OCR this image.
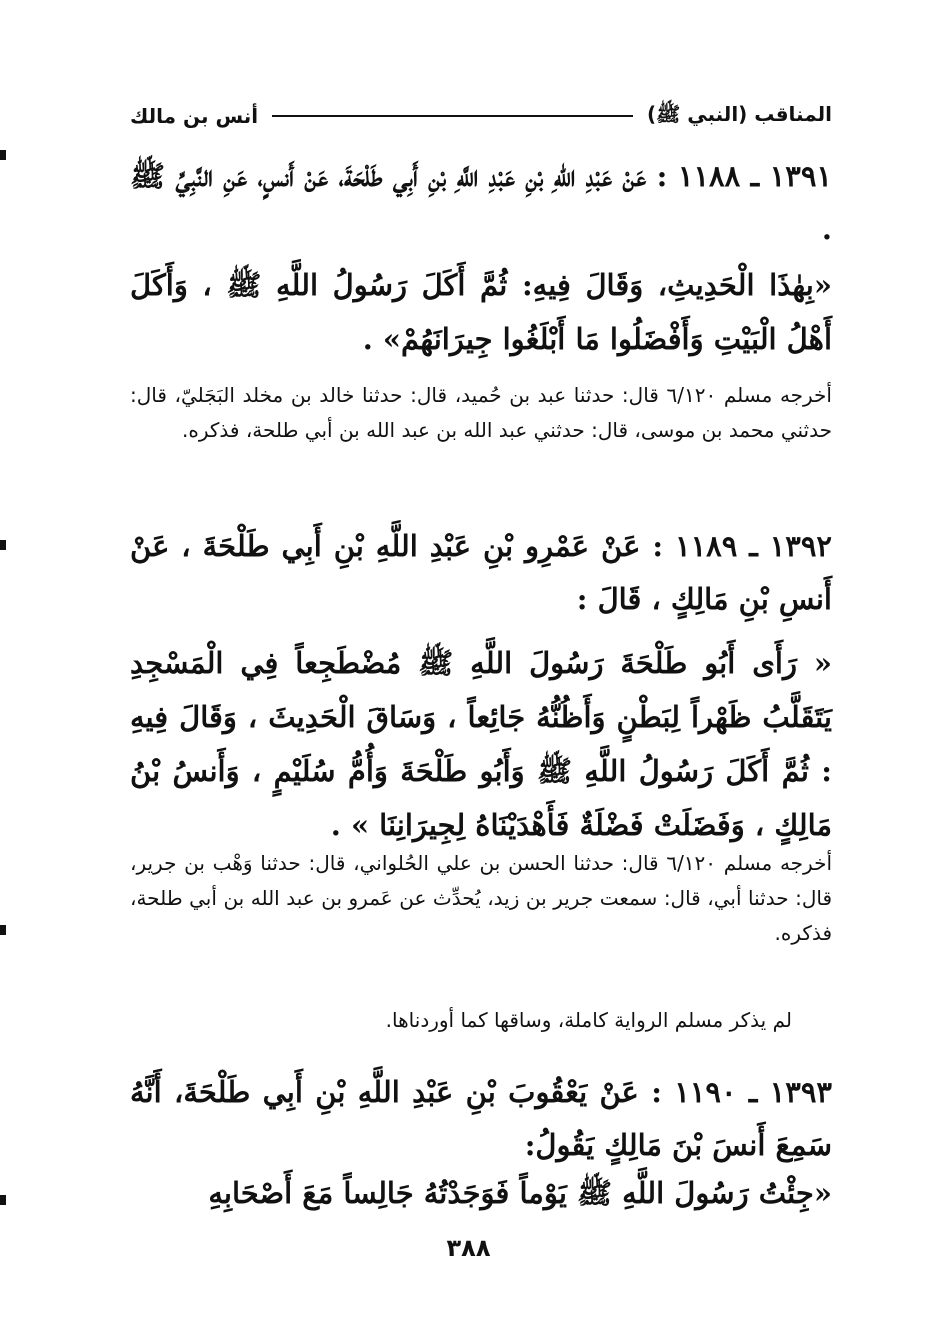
المناقب (النبي ﷺ)
أنس بن مالك
١٣٩١ ـ ١١٨٨ : عَنْ عَبْدِ اللهِ بْنِ عَبْدِ اللَّهِ بْنِ أَبِي طَلْحَةَ، عَنْ أَنسٍ، عَنِ النَّبِيِّ ﷺ .
«بِهٰذَا الْحَدِيثِ، وَقَالَ فِيهِ: ثُمَّ أَكَلَ رَسُولُ اللَّهِ ﷺ ، وَأَكَلَ أَهْلُ الْبَيْتِ وَأَفْضَلُوا مَا أَبْلَغُوا جِيرَانَهُمْ» .
أخرجه مسلم ٦/١٢٠ قال: حدثنا عبد بن حُميد، قال: حدثنا خالد بن مخلد البَجَليّ، قال: حدثني محمد بن موسى، قال: حدثني عبد الله بن عبد الله بن أبي طلحة، فذكره.
١٣٩٢ ـ ١١٨٩ : عَنْ عَمْرِو بْنِ عَبْدِ اللَّهِ بْنِ أَبِي طَلْحَةَ ، عَنْ أَنسِ بْنِ مَالِكٍ ، قَالَ :
« رَأَى أَبُو طَلْحَةَ رَسُولَ اللَّهِ ﷺ مُضْطَجِعاً فِي الْمَسْجِدِ يَتَقَلَّبُ ظَهْراً لِبَطْنٍ وَأَظُنُّهُ جَائِعاً ، وَسَاقَ الْحَدِيثَ ، وَقَالَ فِيهِ : ثُمَّ أَكَلَ رَسُولُ اللَّهِ ﷺ وَأَبُو طَلْحَةَ وَأُمُّ سُلَيْمٍ ، وَأَنسُ بْنُ مَالِكٍ ، وَفَضَلَتْ فَضْلَةٌ فَأَهْدَيْنَاهُ لِجِيرَانِنَا » .
أخرجه مسلم ٦/١٢٠ قال: حدثنا الحسن بن علي الحُلواني، قال: حدثنا وَهْب بن جرير، قال: حدثنا أبي، قال: سمعت جرير بن زيد، يُحدِّث عن عَمرو بن عبد الله بن أبي طلحة، فذكره.
لم يذكر مسلم الرواية كاملة، وساقها كما أوردناها.
١٣٩٣ ـ ١١٩٠ : عَنْ يَعْقُوبَ بْنِ عَبْدِ اللَّهِ بْنِ أَبِي طَلْحَةَ، أَنَّهُ سَمِعَ أَنسَ بْنَ مَالِكٍ يَقُولُ:
«جِئْتُ رَسُولَ اللَّهِ ﷺ يَوْماً فَوَجَدْتُهُ جَالِساً مَعَ أَصْحَابِهِ
٣٨٨
